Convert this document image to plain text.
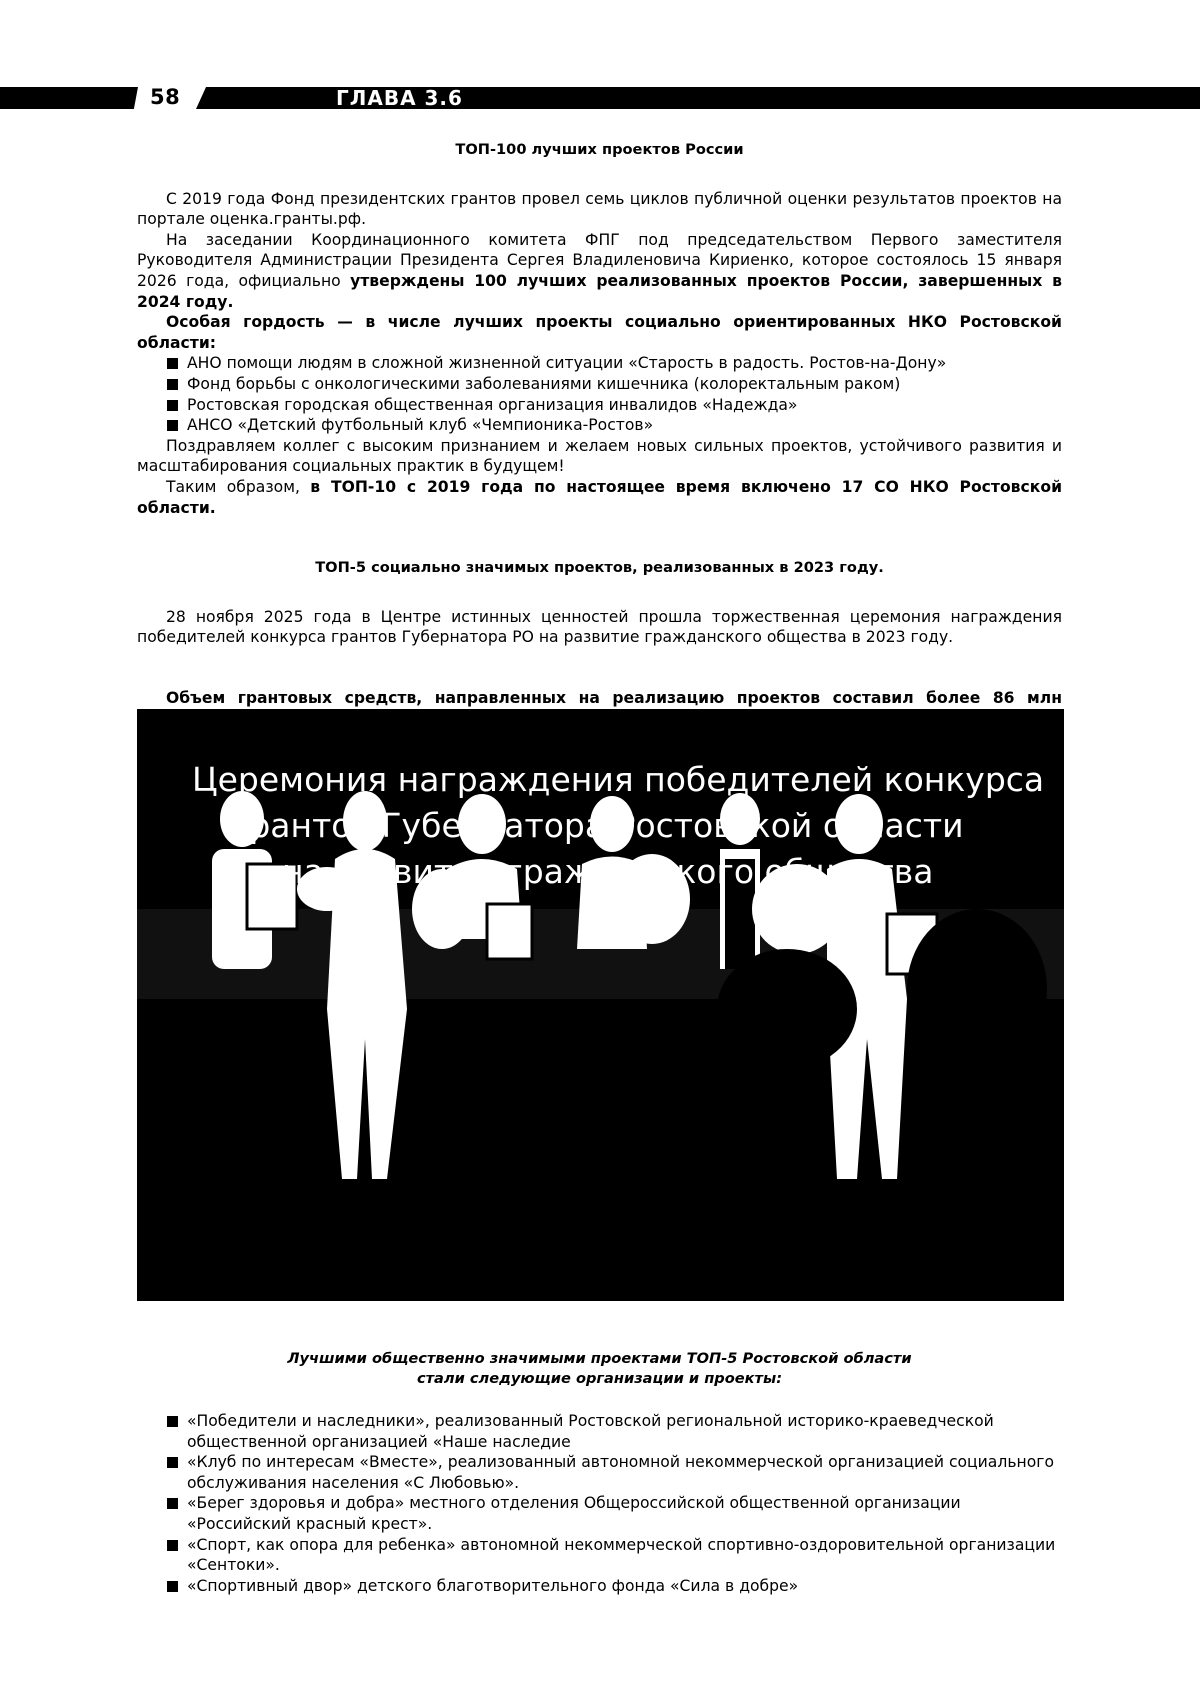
58	ГЛАВА 3.6
ТОП-100 лучших проектов России

С 2019 года Фонд президентских грантов провел семь циклов публичной оценки результатов проектов на портале оценка.гранты.рф.

На заседании Координационного комитета ФПГ под председательством Первого заместителя Руководителя Администрации Президента Сергея Владиленовича Кириенко, которое состоялось 15 января 2026 года, официально утверждены 100 лучших реализованных проектов России, завершенных в 2024 году.

Особая гордость — в числе лучших проекты социально ориентированных НКО Ростовской области:

АНО помощи людям в сложной жизненной ситуации «Старость в радость. Ростов-на-Дону»
Фонд борьбы с онкологическими заболеваниями кишечника (колоректальным раком)
Ростовская городская общественная организация инвалидов «Надежда»
АНСО «Детский футбольный клуб «Чемпионика-Ростов»

Поздравляем коллег с высоким признанием и желаем новых сильных проектов, устойчивого развития и масштабирования социальных практик в будущем!

Таким образом, в ТОП-10 с 2019 года по настоящее время включено 17 СО НКО Ростовской области.

ТОП-5 социально значимых проектов, реализованных в 2023 году.

28 ноября 2025 года в Центре истинных ценностей прошла торжественная церемония награждения победителей конкурса грантов Губернатора РО на развитие гражданского общества в 2023 году.

Объем грантовых средств, направленных на реализацию проектов составил более 86 млн

Церемония награждения победителей конкурса
грантов Губернатора Ростовской области
на развитие гражданского общества
Лучшими общественно значимыми проектами ТОП-5 Ростовской области
стали следующие организации и проекты:
«Победители и наследники», реализованный Ростовской региональной историко-краеведческой общественной организацией «Наше наследие
«Клуб по интересам «Вместе», реализованный автономной некоммерческой организацией социального обслуживания населения «С Любовью».
«Берег здоровья и добра» местного отделения Общероссийской общественной организации «Российский красный крест».
«Спорт, как опора для ребенка» автономной некоммерческой спортивно-оздоровительной организации «Сентоки».
«Спортивный двор» детского благотворительного фонда «Сила в добре»
